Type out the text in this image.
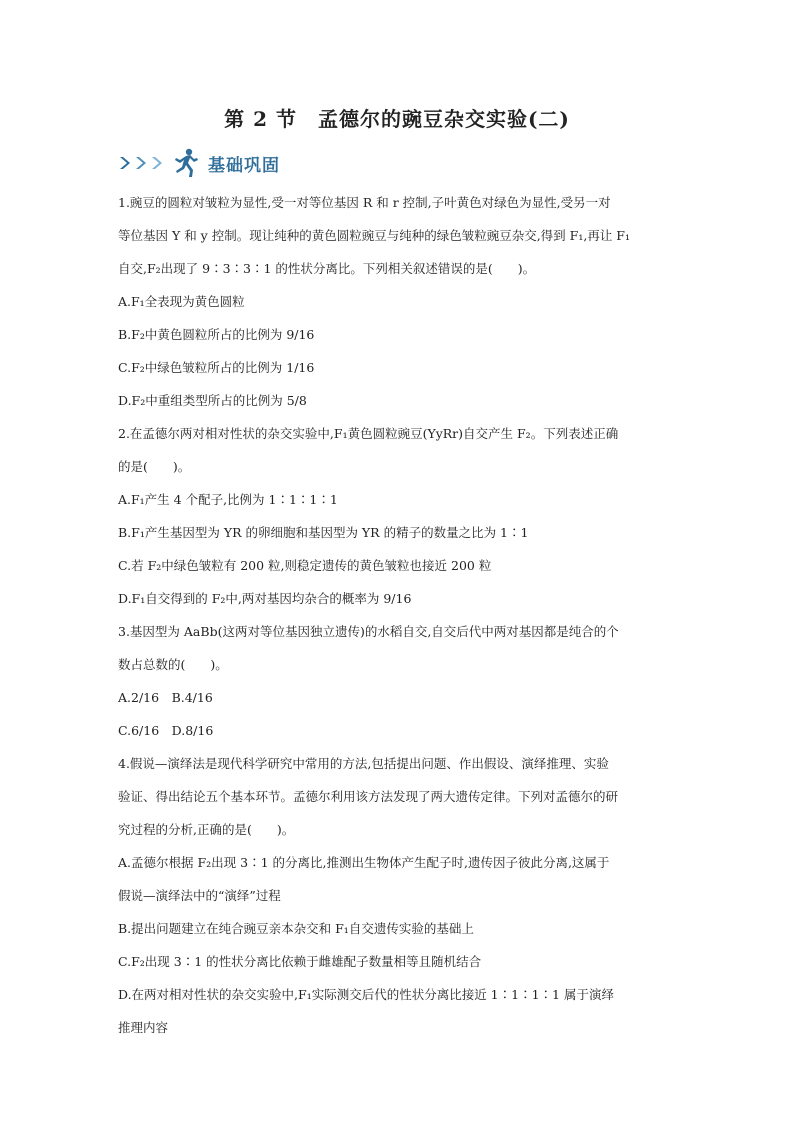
第 2 节　孟德尔的豌豆杂交实验(二)
基础巩固

1.豌豆的圆粒对皱粒为显性,受一对等位基因 R 和 r 控制,子叶黄色对绿色为显性,受另一对

等位基因 Y 和 y 控制。现让纯种的黄色圆粒豌豆与纯种的绿色皱粒豌豆杂交,得到 F₁,再让 F₁

自交,F₂出现了 9∶3∶3∶1 的性状分离比。下列相关叙述错误的是(　　)。

A.F₁全表现为黄色圆粒

B.F₂中黄色圆粒所占的比例为 9/16

C.F₂中绿色皱粒所占的比例为 1/16

D.F₂中重组类型所占的比例为 5/8

2.在孟德尔两对相对性状的杂交实验中,F₁黄色圆粒豌豆(YyRr)自交产生 F₂。下列表述正确

的是(　　)。

A.F₁产生 4 个配子,比例为 1∶1∶1∶1

B.F₁产生基因型为 YR 的卵细胞和基因型为 YR 的精子的数量之比为 1∶1

C.若 F₂中绿色皱粒有 200 粒,则稳定遗传的黄色皱粒也接近 200 粒

D.F₁自交得到的 F₂中,两对基因均杂合的概率为 9/16

3.基因型为 AaBb(这两对等位基因独立遗传)的水稻自交,自交后代中两对基因都是纯合的个

数占总数的(　　)。

A.2/16　B.4/16

C.6/16　D.8/16

4.假说—演绎法是现代科学研究中常用的方法,包括提出问题、作出假设、演绎推理、实验

验证、得出结论五个基本环节。孟德尔利用该方法发现了两大遗传定律。下列对孟德尔的研

究过程的分析,正确的是(　　)。

A.孟德尔根据 F₂出现 3∶1 的分离比,推测出生物体产生配子时,遗传因子彼此分离,这属于

假说—演绎法中的“演绎”过程

B.提出问题建立在纯合豌豆亲本杂交和 F₁自交遗传实验的基础上

C.F₂出现 3∶1 的性状分离比依赖于雌雄配子数量相等且随机结合

D.在两对相对性状的杂交实验中,F₁实际测交后代的性状分离比接近 1∶1∶1∶1 属于演绎

推理内容
